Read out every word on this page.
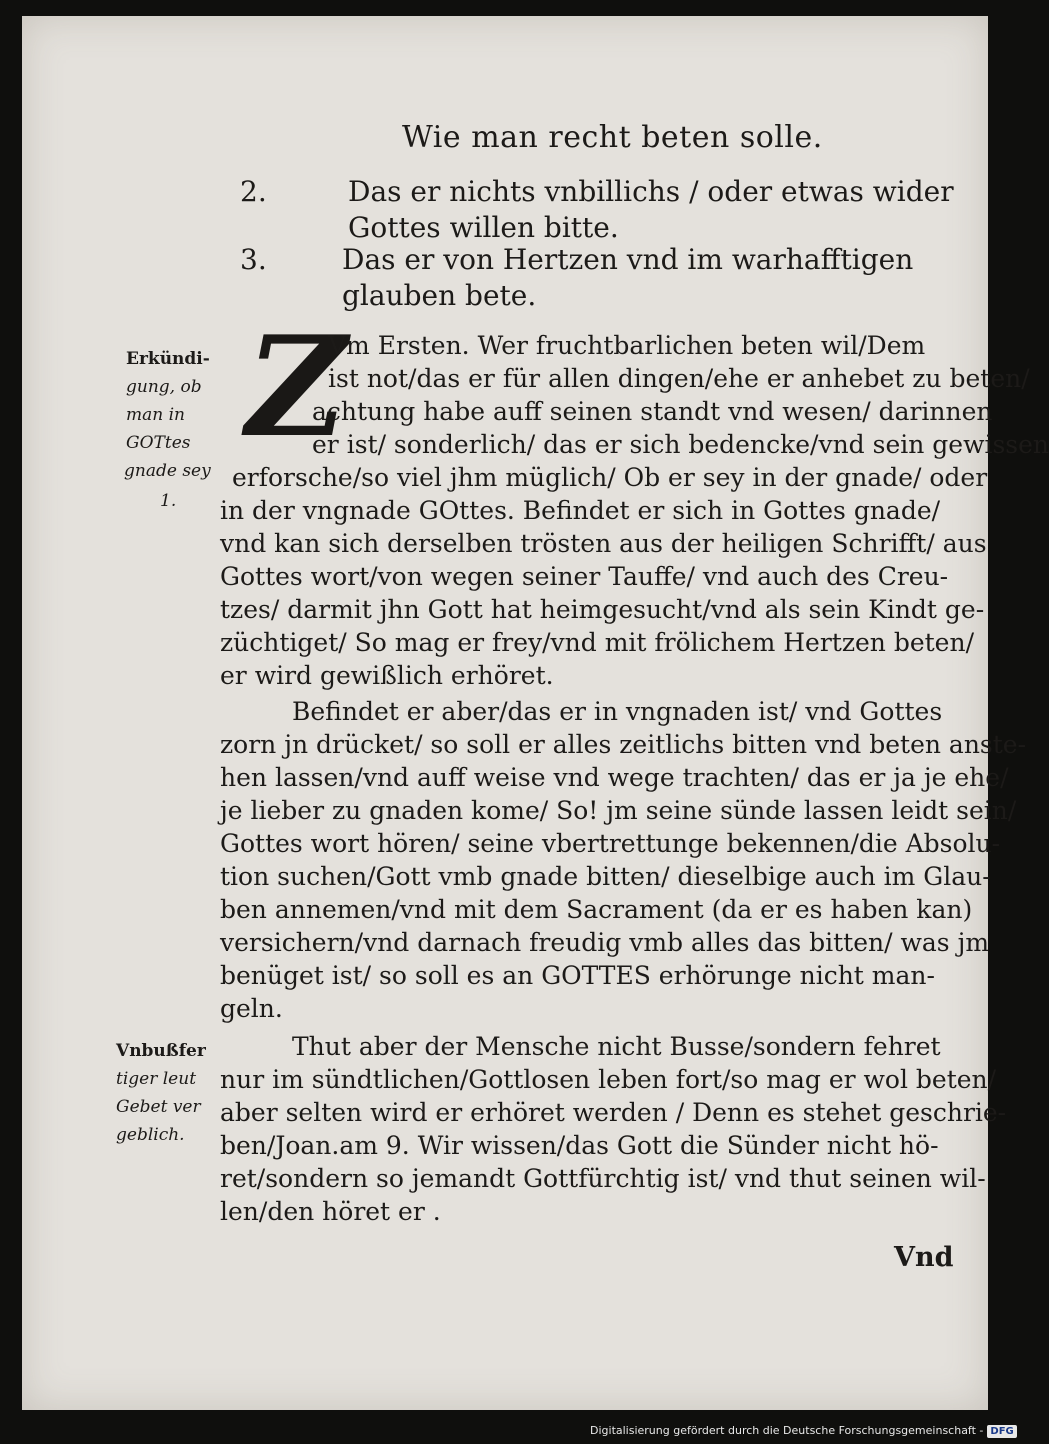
Wie man recht beten solle.
2.	Das er nichts vnbillichs / oder etwas wider
Gottes willen bitte.
3.	Das er von Hertzen vnd im warhafftigen
glauben bete.
Z
Vm Ersten. Wer fruchtbarlichen beten wil/Dem
ist not/das er für allen dingen/ehe er anhebet zu beten/
achtung habe auff seinen standt vnd wesen/ darinnen
er ist/ sonderlich/ das er sich bedencke/vnd sein gewissen
erforsche/so viel jhm müglich/ Ob er sey in der gnade/ oder
in der vngnade GOttes. Befindet er sich in Gottes gnade/
vnd kan sich derselben trösten aus der heiligen Schrifft/ aus
Gottes wort/von wegen seiner Tauffe/ vnd auch des Creu-
tzes/ darmit jhn Gott hat heimgesucht/vnd als sein Kindt ge-
züchtiget/ So mag er frey/vnd mit frölichem Hertzen beten/
er wird gewißlich erhöret.
Befindet er aber/das er in vngnaden ist/ vnd Gottes
zorn jn drücket/ so soll er alles zeitlichs bitten vnd beten anste-
hen lassen/vnd auff weise vnd wege trachten/ das er ja je ehe/
je lieber zu gnaden kome/ So! jm seine sünde lassen leidt sein/
Gottes wort hören/ seine vbertrettunge bekennen/die Absolu-
tion suchen/Gott vmb gnade bitten/ dieselbige auch im Glau-
ben annemen/vnd mit dem Sacrament (da er es haben kan)
versichern/vnd darnach freudig vmb alles das bitten/ was jm
benüget ist/ so soll es an GOTTES erhörunge nicht man-
geln.
Thut aber der Mensche nicht Busse/sondern fehret
nur im sündtlichen/Gottlosen leben fort/so mag er wol beten/
aber selten wird er erhöret werden / Denn es stehet geschrie-
ben/Joan.am 9. Wir wissen/das Gott die Sünder nicht hö-
ret/sondern so jemandt Gottfürchtig ist/ vnd thut seinen wil-
len/den höret er .
Erkündi-
gung, ob
man in
GOTtes
gnade sey
1.
Vnbußfer
tiger leut
Gebet ver
geblich.
Vnd
Digitalisierung gefördert durch die Deutsche Forschungsgemeinschaft - DFG
